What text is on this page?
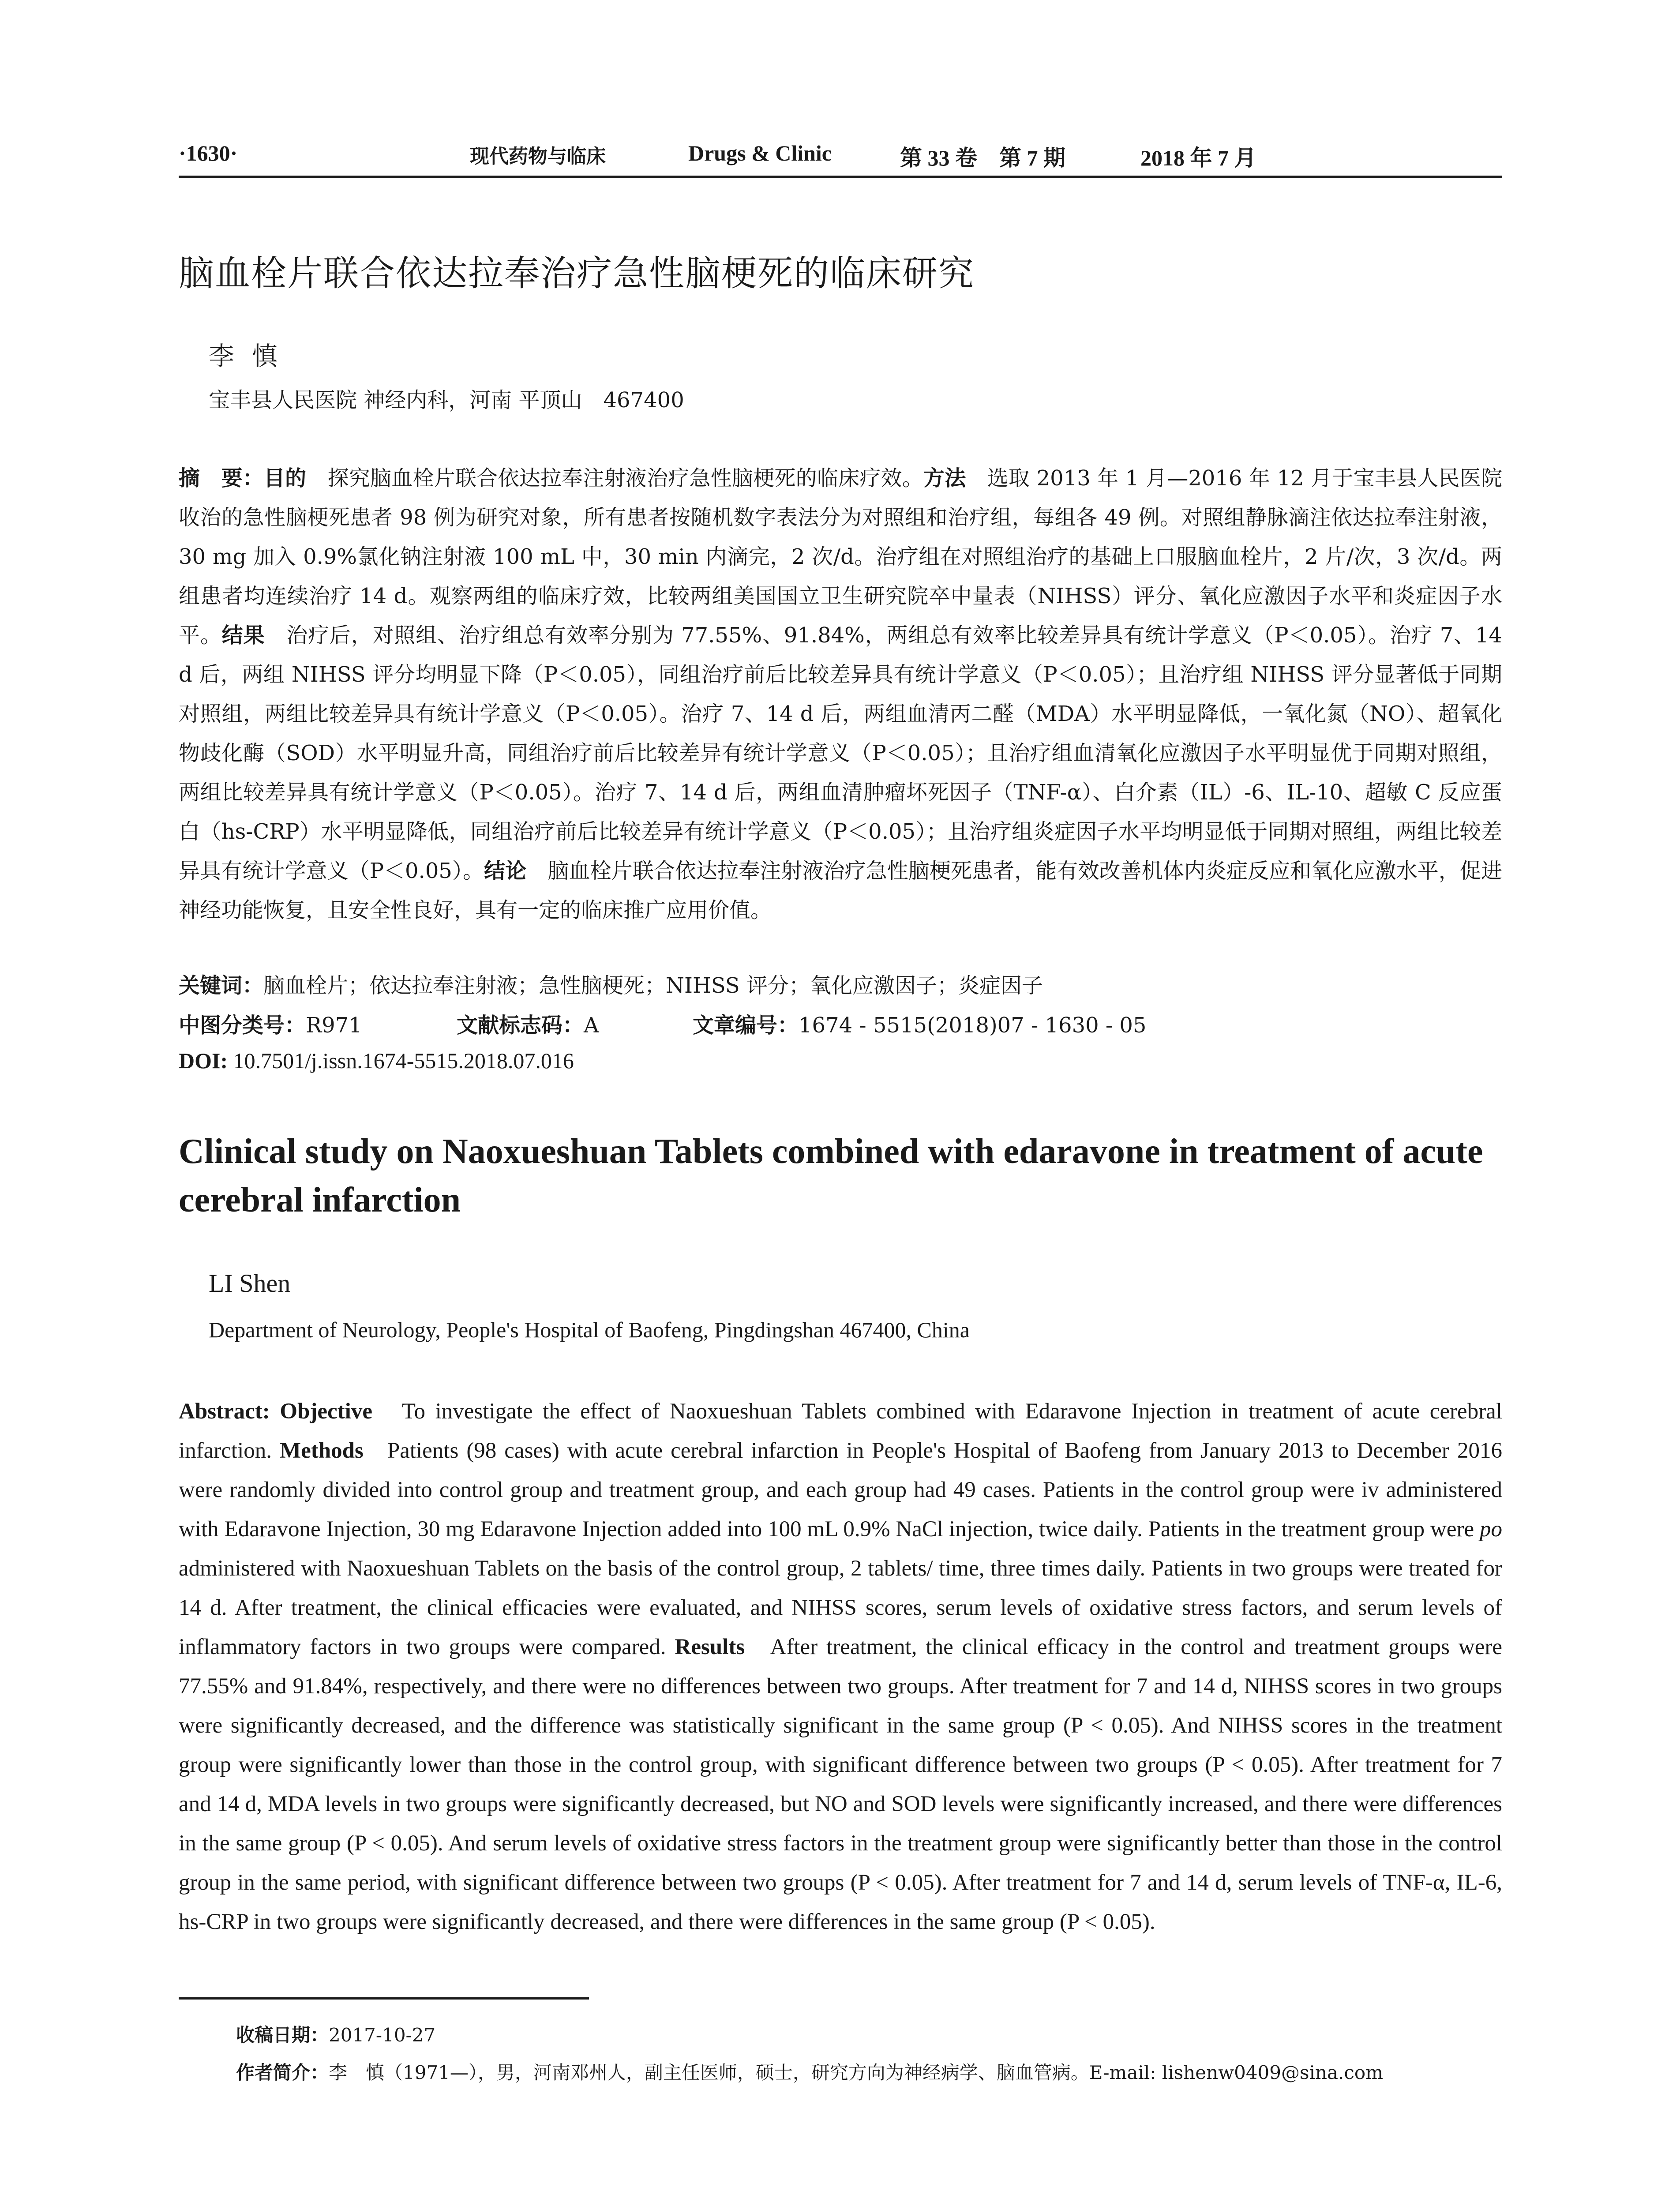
·1630·	现代药物与临床	Drugs & Clinic	第 33 卷　第 7 期	2018 年 7 月
脑血栓片联合依达拉奉治疗急性脑梗死的临床研究
李慎
宝丰县人民医院 神经内科，河南 平顶山　467400
摘　要：目的　 探究脑血栓片联合依达拉奉注射液治疗急性脑梗死的临床疗效。方法　 选取 2013 年 1 月—2016 年 12 月于宝丰县人民医院收治的急性脑梗死患者 98 例为研究对象，所有患者按随机数字表法分为对照组和治疗组，每组各 49 例。对照组静脉滴注依达拉奉注射液，30 mg 加入 0.9%氯化钠注射液 100 mL 中，30 min 内滴完，2 次/d。治疗组在对照组治疗的基础上口服脑血栓片，2 片/次，3 次/d。两组患者均连续治疗 14 d。观察两组的临床疗效，比较两组美国国立卫生研究院卒中量表（NIHSS）评分、氧化应激因子水平和炎症因子水平。结果　 治疗后，对照组、治疗组总有效率分别为 77.55%、91.84%，两组总有效率比较差异具有统计学意义（P＜0.05）。治疗 7、14 d 后，两组 NIHSS 评分均明显下降（P＜0.05），同组治疗前后比较差异具有统计学意义（P＜0.05）；且治疗组 NIHSS 评分显著低于同期对照组，两组比较差异具有统计学意义（P＜0.05）。治疗 7、14 d 后，两组血清丙二醛（MDA）水平明显降低，一氧化氮（NO）、超氧化物歧化酶（SOD）水平明显升高，同组治疗前后比较差异有统计学意义（P＜0.05）；且治疗组血清氧化应激因子水平明显优于同期对照组，两组比较差异具有统计学意义（P＜0.05）。治疗 7、14 d 后，两组血清肿瘤坏死因子（TNF-α）、白介素（IL）-6、IL-10、超敏 C 反应蛋白（hs-CRP）水平明显降低，同组治疗前后比较差异有统计学意义（P＜0.05）；且治疗组炎症因子水平均明显低于同期对照组，两组比较差异具有统计学意义（P＜0.05）。结论　 脑血栓片联合依达拉奉注射液治疗急性脑梗死患者，能有效改善机体内炎症反应和氧化应激水平，促进神经功能恢复，且安全性良好，具有一定的临床推广应用价值。
关键词：脑血栓片；依达拉奉注射液；急性脑梗死；NIHSS 评分；氧化应激因子；炎症因子
中图分类号：R971	文献标志码：A	文章编号：1674 - 5515(2018)07 - 1630 - 05
DOI: 10.7501/j.issn.1674-5515.2018.07.016
Clinical study on Naoxueshuan Tablets combined with edaravone in treatment of acute cerebral infarction
LI Shen
Department of Neurology, People's Hospital of Baofeng, Pingdingshan 467400, China
Abstract: Objective To investigate the effect of Naoxueshuan Tablets combined with Edaravone Injection in treatment of acute cerebral infarction. Methods Patients (98 cases) with acute cerebral infarction in People's Hospital of Baofeng from January 2013 to December 2016 were randomly divided into control group and treatment group, and each group had 49 cases. Patients in the control group were iv administered with Edaravone Injection, 30 mg Edaravone Injection added into 100 mL 0.9% NaCl injection, twice daily. Patients in the treatment group were po administered with Naoxueshuan Tablets on the basis of the control group, 2 tablets/ time, three times daily. Patients in two groups were treated for 14 d. After treatment, the clinical efficacies were evaluated, and NIHSS scores, serum levels of oxidative stress factors, and serum levels of inflammatory factors in two groups were compared. Results After treatment, the clinical efficacy in the control and treatment groups were 77.55% and 91.84%, respectively, and there were no differences between two groups. After treatment for 7 and 14 d, NIHSS scores in two groups were significantly decreased, and the difference was statistically significant in the same group (P < 0.05). And NIHSS scores in the treatment group were significantly lower than those in the control group, with significant difference between two groups (P < 0.05). After treatment for 7 and 14 d, MDA levels in two groups were significantly decreased, but NO and SOD levels were significantly increased, and there were differences in the same group (P < 0.05). And serum levels of oxidative stress factors in the treatment group were significantly better than those in the control group in the same period, with significant difference between two groups (P < 0.05). After treatment for 7 and 14 d, serum levels of TNF-α, IL-6, hs-CRP in two groups were significantly decreased, and there were differences in the same group (P < 0.05).
收稿日期：2017-10-27
作者简介：李　慎（1971—），男，河南邓州人，副主任医师，硕士，研究方向为神经病学、脑血管病。E-mail: lishenw0409@sina.com
